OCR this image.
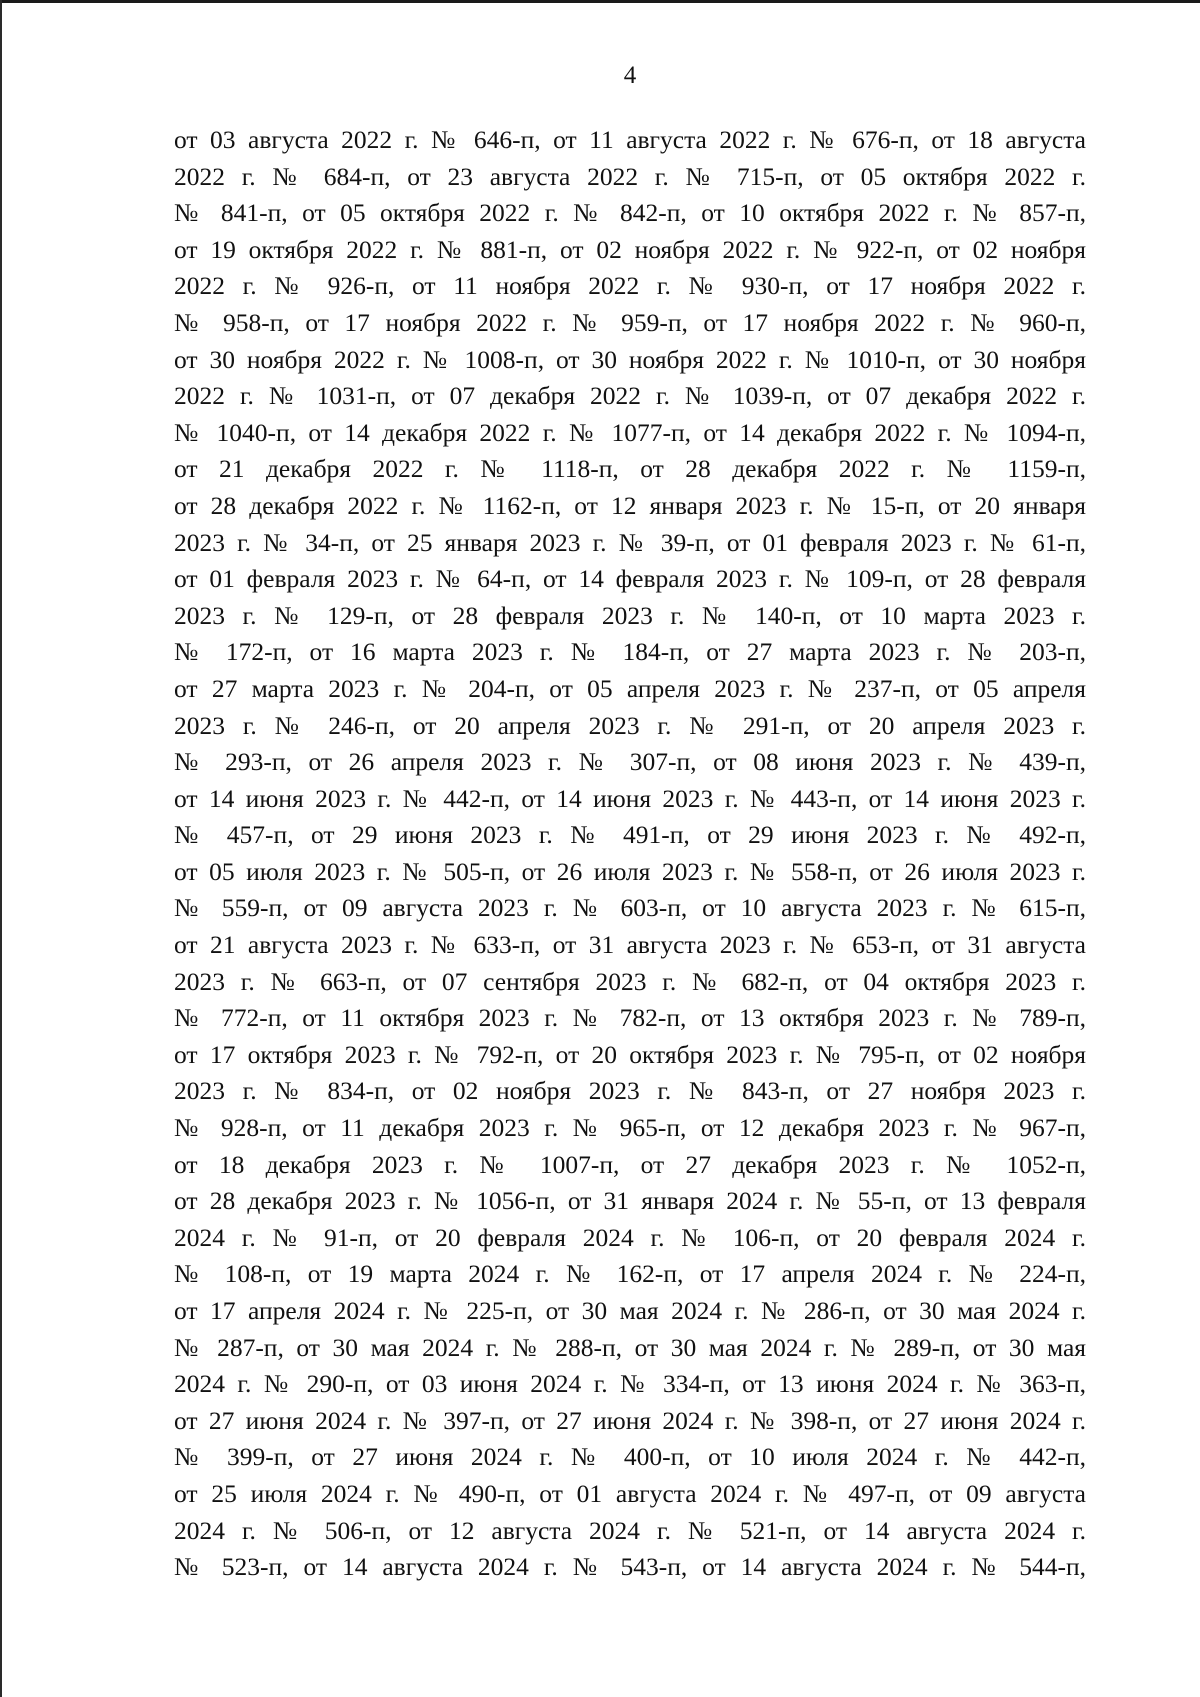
4
от 03 августа 2022 г. № 646-п, от 11 августа 2022 г. № 676-п, от 18 августа
2022 г. № 684-п, от 23 августа 2022 г. № 715-п, от 05 октября 2022 г.
№ 841-п, от 05 октября 2022 г. № 842-п, от 10 октября 2022 г. № 857-п,
от 19 октября 2022 г. № 881-п, от 02 ноября 2022 г. № 922-п, от 02 ноября
2022 г. № 926-п, от 11 ноября 2022 г. № 930-п, от 17 ноября 2022 г.
№ 958-п, от 17 ноября 2022 г. № 959-п, от 17 ноября 2022 г. № 960-п,
от 30 ноября 2022 г. № 1008-п, от 30 ноября 2022 г. № 1010-п, от 30 ноября
2022 г. № 1031-п, от 07 декабря 2022 г. № 1039-п, от 07 декабря 2022 г.
№ 1040-п, от 14 декабря 2022 г. № 1077-п, от 14 декабря 2022 г. № 1094-п,
от 21 декабря 2022 г. № 1118-п, от 28 декабря 2022 г. № 1159-п,
от 28 декабря 2022 г. № 1162-п, от 12 января 2023 г. № 15-п, от 20 января
2023 г. № 34-п, от 25 января 2023 г. № 39-п, от 01 февраля 2023 г. № 61-п,
от 01 февраля 2023 г. № 64-п, от 14 февраля 2023 г. № 109-п, от 28 февраля
2023 г. № 129-п, от 28 февраля 2023 г. № 140-п, от 10 марта 2023 г.
№ 172-п, от 16 марта 2023 г. № 184-п, от 27 марта 2023 г. № 203-п,
от 27 марта 2023 г. № 204-п, от 05 апреля 2023 г. № 237-п, от 05 апреля
2023 г. № 246-п, от 20 апреля 2023 г. № 291-п, от 20 апреля 2023 г.
№ 293-п, от 26 апреля 2023 г. № 307-п, от 08 июня 2023 г. № 439-п,
от 14 июня 2023 г. № 442-п, от 14 июня 2023 г. № 443-п, от 14 июня 2023 г.
№ 457-п, от 29 июня 2023 г. № 491-п, от 29 июня 2023 г. № 492-п,
от 05 июля 2023 г. № 505-п, от 26 июля 2023 г. № 558-п, от 26 июля 2023 г.
№ 559-п, от 09 августа 2023 г. № 603-п, от 10 августа 2023 г. № 615-п,
от 21 августа 2023 г. № 633-п, от 31 августа 2023 г. № 653-п, от 31 августа
2023 г. № 663-п, от 07 сентября 2023 г. № 682-п, от 04 октября 2023 г.
№ 772-п, от 11 октября 2023 г. № 782-п, от 13 октября 2023 г. № 789-п,
от 17 октября 2023 г. № 792-п, от 20 октября 2023 г. № 795-п, от 02 ноября
2023 г. № 834-п, от 02 ноября 2023 г. № 843-п, от 27 ноября 2023 г.
№ 928-п, от 11 декабря 2023 г. № 965-п, от 12 декабря 2023 г. № 967-п,
от 18 декабря 2023 г. № 1007-п, от 27 декабря 2023 г. № 1052-п,
от 28 декабря 2023 г. № 1056-п, от 31 января 2024 г. № 55-п, от 13 февраля
2024 г. № 91-п, от 20 февраля 2024 г. № 106-п, от 20 февраля 2024 г.
№ 108-п, от 19 марта 2024 г. № 162-п, от 17 апреля 2024 г. № 224-п,
от 17 апреля 2024 г. № 225-п, от 30 мая 2024 г. № 286-п, от 30 мая 2024 г.
№ 287-п, от 30 мая 2024 г. № 288-п, от 30 мая 2024 г. № 289-п, от 30 мая
2024 г. № 290-п, от 03 июня 2024 г. № 334-п, от 13 июня 2024 г. № 363-п,
от 27 июня 2024 г. № 397-п, от 27 июня 2024 г. № 398-п, от 27 июня 2024 г.
№ 399-п, от 27 июня 2024 г. № 400-п, от 10 июля 2024 г. № 442-п,
от 25 июля 2024 г. № 490-п, от 01 августа 2024 г. № 497-п, от 09 августа
2024 г. № 506-п, от 12 августа 2024 г. № 521-п, от 14 августа 2024 г.
№ 523-п, от 14 августа 2024 г. № 543-п, от 14 августа 2024 г. № 544-п,
